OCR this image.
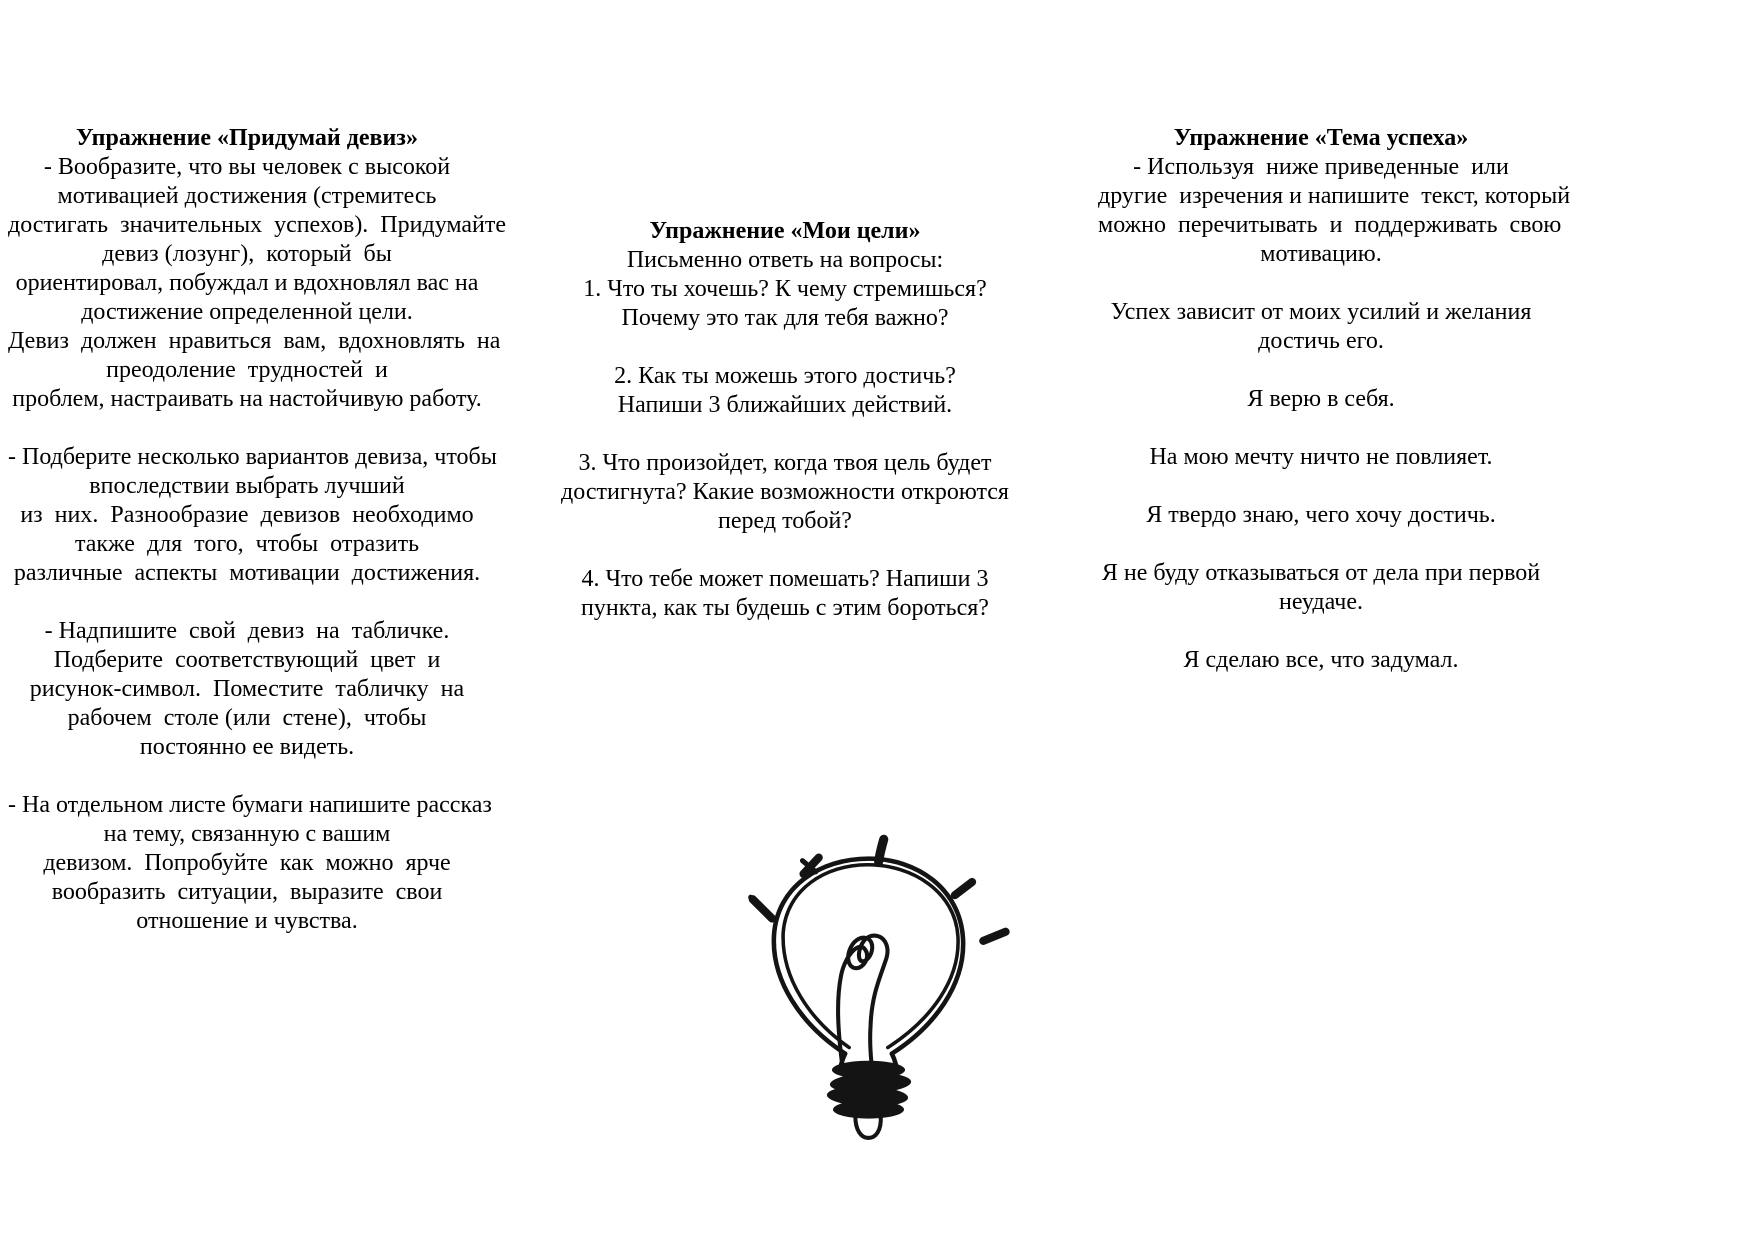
Упражнение «Придумай девиз»
- Вообразите, что вы человек с высокой
мотивацией достижения (стремитесь
достигать  значительных  успехов).  Придумайте
девиз (лозунг),  который  бы
ориентировал, побуждал и вдохновлял вас на
достижение определенной цели.
Девиз  должен  нравиться  вам,  вдохновлять  на
преодоление  трудностей  и
проблем, настраивать на настойчивую работу.
- Подберите несколько вариантов девиза, чтобы
впоследствии выбрать лучший
из  них.  Разнообразие  девизов  необходимо
также  для  того,  чтобы  отразить
различные  аспекты  мотивации  достижения.
- Надпишите  свой  девиз  на  табличке.
Подберите  соответствующий  цвет  и
рисунок-символ.  Поместите  табличку  на
рабочем  столе (или  стене),  чтобы
постоянно ее видеть.
- На отдельном листе бумаги напишите рассказ
на тему, связанную с вашим
девизом.  Попробуйте  как  можно  ярче
вообразить  ситуации,  выразите  свои
отношение и чувства.
Упражнение «Мои цели»
Письменно ответь на вопросы:
1. Что ты хочешь? К чему стремишься?
Почему это так для тебя важно?
2. Как ты можешь этого достичь?
Напиши 3 ближайших действий.
3. Что произойдет, когда твоя цель будет
достигнута? Какие возможности откроются
перед тобой?
4. Что тебе может помешать? Напиши 3
пункта, как ты будешь с этим бороться?
Упражнение «Тема успеха»
- Используя  ниже приведенные  или
другие  изречения и напишите  текст, который
можно  перечитывать  и  поддерживать  свою
мотивацию.
Успех зависит от моих усилий и желания
достичь его.
Я верю в себя.
На мою мечту ничто не повлияет.
Я твердо знаю, чего хочу достичь.
Я не буду отказываться от дела при первой
неудаче.
Я сделаю все, что задумал.
